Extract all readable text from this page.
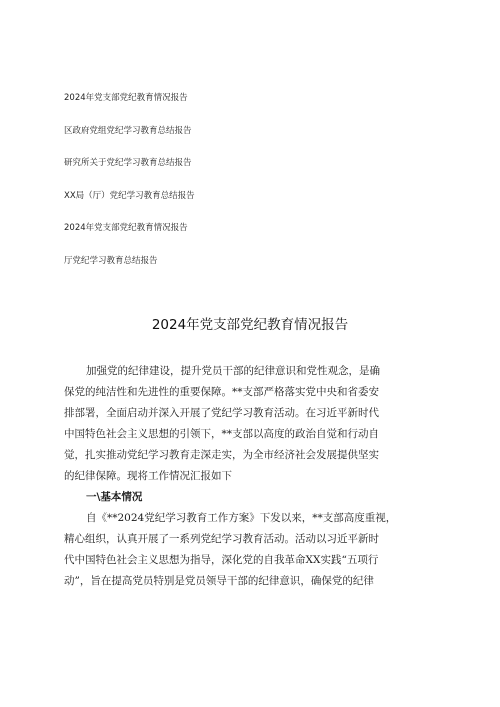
2024年党支部党纪教育情况报告
区政府党组党纪学习教育总结报告
研究所关于党纪学习教育总结报告
XX局（厅）党纪学习教育总结报告
2024年党支部党纪教育情况报告
厅党纪学习教育总结报告
2024年党支部党纪教育情况报告
加强党的纪律建设，提升党员干部的纪律意识和党性观念，是确
保党的纯洁性和先进性的重要保障。**支部严格落实党中央和省委安
排部署，全面启动并深入开展了党纪学习教育活动。在习近平新时代
中国特色社会主义思想的引领下，**支部以高度的政治自觉和行动自
觉，扎实推动党纪学习教育走深走实，为全市经济社会发展提供坚实
的纪律保障。现将工作情况汇报如下
一\基本情况
自《**2024党纪学习教育工作方案》下发以来，**支部高度重视，
精心组织，认真开展了一系列党纪学习教育活动。活动以习近平新时
代中国特色社会主义思想为指导，深化党的自我革命XX实践“五项行
动”，旨在提高党员特别是党员领导干部的纪律意识，确保党的纪律
